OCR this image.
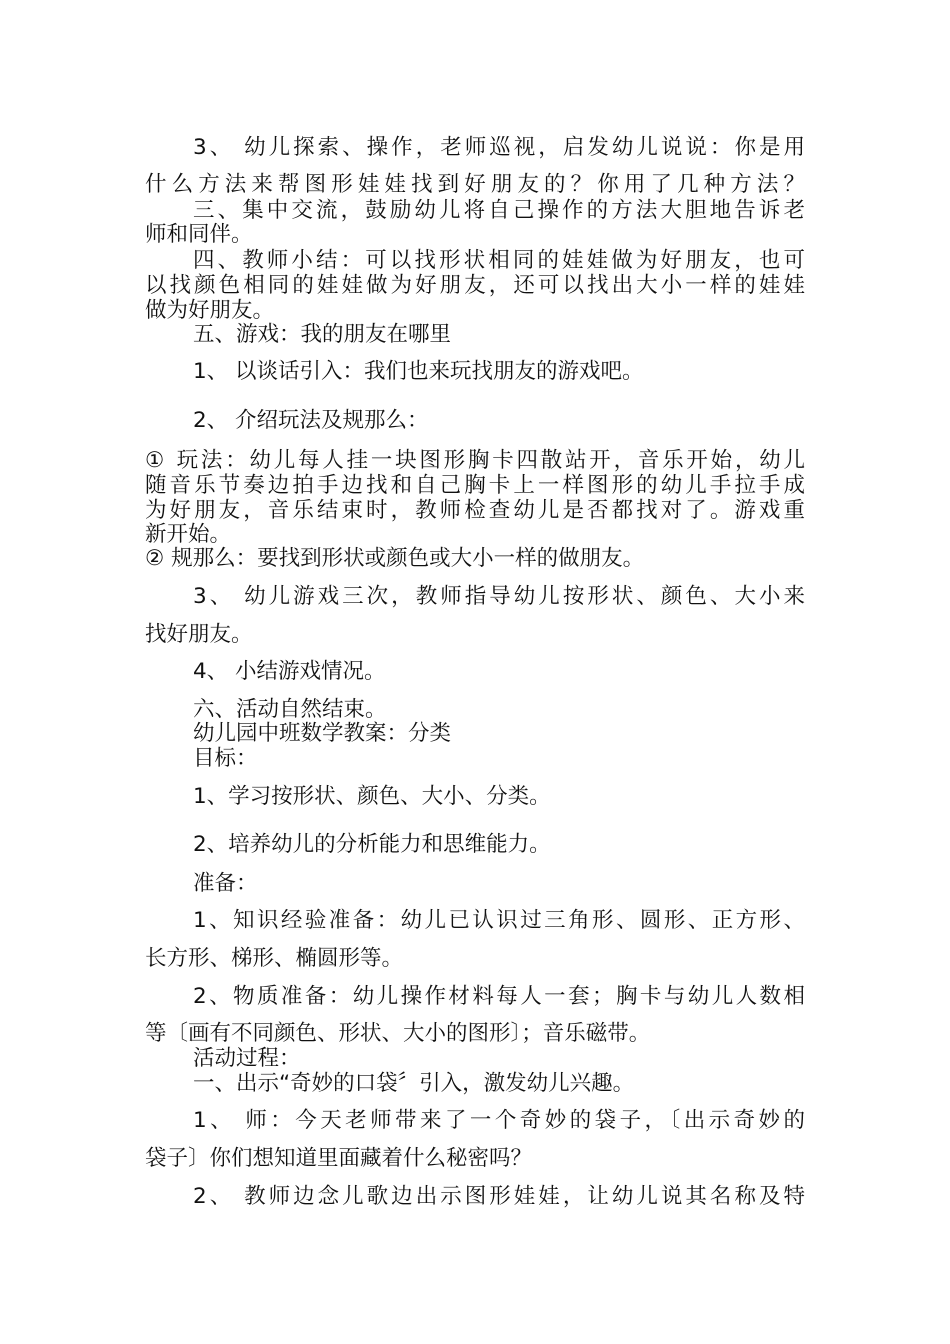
3、 幼儿探索、操作，老师巡视，启发幼儿说说：你是用
什么方法来帮图形娃娃找到好朋友的？你用了几种方法？
三、集中交流，鼓励幼儿将自己操作的方法大胆地告诉老
师和同伴。
四、教师小结：可以找形状相同的娃娃做为好朋友，也可
以找颜色相同的娃娃做为好朋友，还可以找出大小一样的娃娃
做为好朋友。
五、游戏：我的朋友在哪里
1、 以谈话引入：我们也来玩找朋友的游戏吧。
2、 介绍玩法及规那么：
① 玩法：幼儿每人挂一块图形胸卡四散站开，音乐开始，幼儿
随音乐节奏边拍手边找和自己胸卡上一样图形的幼儿手拉手成
为好朋友，音乐结束时，教师检查幼儿是否都找对了。游戏重
新开始。
② 规那么：要找到形状或颜色或大小一样的做朋友。
3、 幼儿游戏三次，教师指导幼儿按形状、颜色、大小来
找好朋友。
4、 小结游戏情况。
六、活动自然结束。
幼儿园中班数学教案：分类
目标：
1、学习按形状、颜色、大小、分类。
2、培养幼儿的分析能力和思维能力。
准备：
1、知识经验准备：幼儿已认识过三角形、圆形、正方形、
长方形、梯形、椭圆形等。
2、物质准备：幼儿操作材料每人一套；胸卡与幼儿人数相
等〔画有不同颜色、形状、大小的图形〕；音乐磁带。
活动过程：
一、出示“奇妙的口袋〞引入，激发幼儿兴趣。
1、 师：今天老师带来了一个奇妙的袋子，〔出示奇妙的
袋子〕你们想知道里面藏着什么秘密吗？
2、 教师边念儿歌边出示图形娃娃，让幼儿说其名称及特
